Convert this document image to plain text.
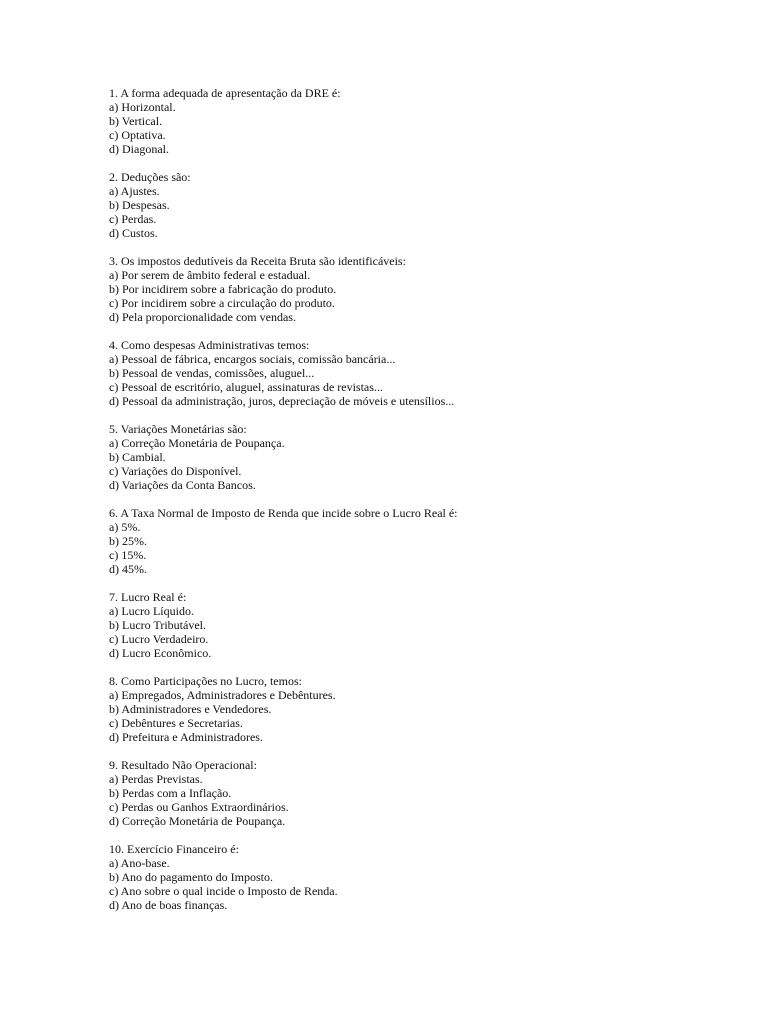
1. A forma adequada de apresentação da DRE é:
a) Horizontal.
b) Vertical.
c) Optativa.
d) Diagonal.
2. Deduções são:
a) Ajustes.
b) Despesas.
c) Perdas.
d) Custos.
3. Os impostos dedutíveis da Receita Bruta são identificáveis:
a) Por serem de âmbito federal e estadual.
b) Por incidirem sobre a fabricação do produto.
c) Por incidirem sobre a circulação do produto.
d) Pela proporcionalidade com vendas.
4. Como despesas Administrativas temos:
a) Pessoal de fábrica, encargos sociais, comissão bancária...
b) Pessoal de vendas, comissões, aluguel...
c) Pessoal de escritório, aluguel, assinaturas de revistas...
d) Pessoal da administração, juros, depreciação de móveis e utensílios...
5. Variações Monetárias são:
a) Correção Monetária de Poupança.
b) Cambial.
c) Variações do Disponível.
d) Variações da Conta Bancos.
6. A Taxa Normal de Imposto de Renda que incide sobre o Lucro Real é:
a) 5%.
b) 25%.
c) 15%.
d) 45%.
7. Lucro Real é:
a) Lucro Líquido.
b) Lucro Tributável.
c) Lucro Verdadeiro.
d) Lucro Econômico.
8. Como Participações no Lucro, temos:
a) Empregados, Administradores e Debêntures.
b) Administradores e Vendedores.
c) Debêntures e Secretarias.
d) Prefeitura e Administradores.
9. Resultado Não Operacional:
a) Perdas Previstas.
b) Perdas com a Inflação.
c) Perdas ou Ganhos Extraordinários.
d) Correção Monetária de Poupança.
10. Exercício Financeiro é:
a) Ano-base.
b) Ano do pagamento do Imposto.
c) Ano sobre o qual incide o Imposto de Renda.
d) Ano de boas finanças.
